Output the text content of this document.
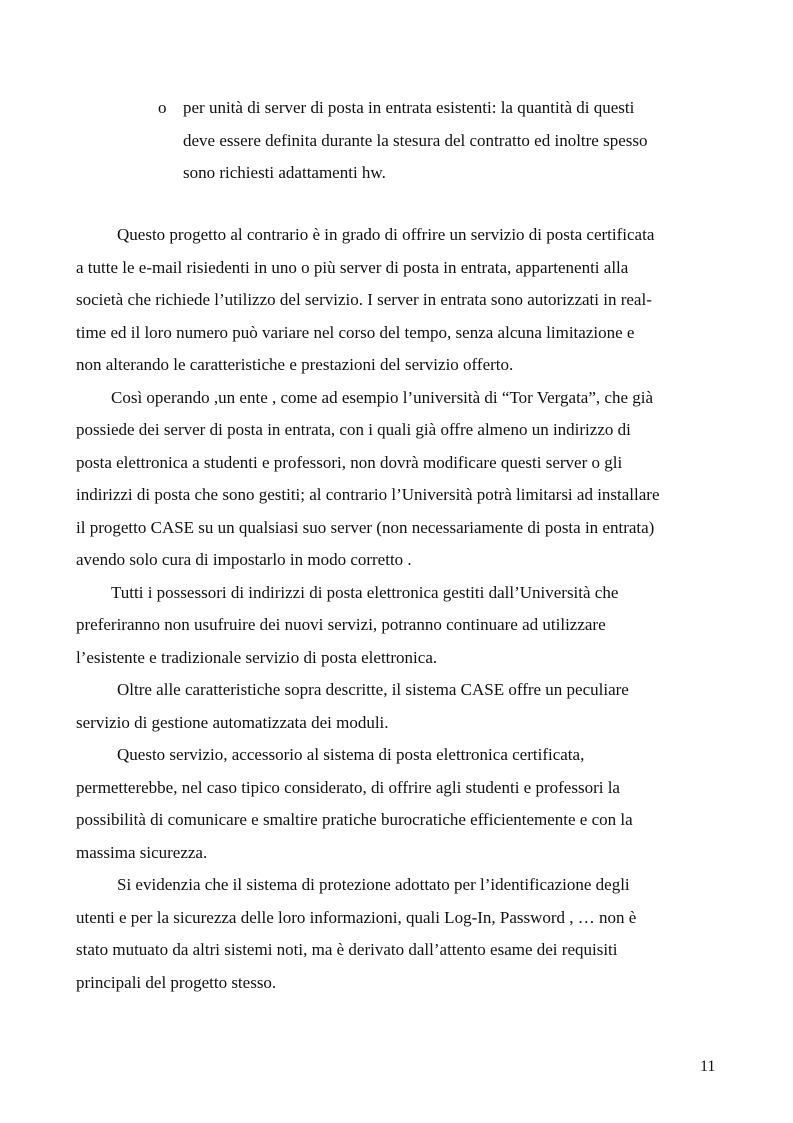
o per unità di server di posta in entrata esistenti: la quantità di questi
deve essere definita durante la stesura del contratto ed inoltre spesso
sono richiesti adattamenti hw.
Questo progetto al contrario è in grado di offrire un servizio di posta certificata
a tutte le e-mail risiedenti in uno o più server di posta in entrata, appartenenti alla
società che richiede l’utilizzo del servizio. I server in entrata sono autorizzati in real-
time ed il loro numero può variare nel corso del tempo, senza alcuna limitazione e
non alterando le caratteristiche e prestazioni del servizio offerto.
Così operando ,un ente , come ad esempio l’università di “Tor Vergata”, che già
possiede dei server di posta in entrata, con i quali già offre almeno un indirizzo di
posta elettronica a studenti e professori, non dovrà modificare questi server o gli
indirizzi di posta che sono gestiti; al contrario l’Università potrà limitarsi ad installare
il progetto CASE su un qualsiasi suo server (non necessariamente di posta in entrata)
avendo solo cura di impostarlo in modo corretto .
Tutti i possessori di indirizzi di posta elettronica gestiti dall’Università che
preferiranno non usufruire dei nuovi servizi, potranno continuare ad utilizzare
l’esistente e tradizionale servizio di posta elettronica.
Oltre alle caratteristiche sopra descritte, il sistema CASE offre un peculiare
servizio di gestione automatizzata dei moduli.
Questo servizio, accessorio al sistema di posta elettronica certificata,
permetterebbe, nel caso tipico considerato, di offrire agli studenti e professori la
possibilità di comunicare e smaltire pratiche burocratiche efficientemente e con la
massima sicurezza.
Si evidenzia che il sistema di protezione adottato per l’identificazione degli
utenti e per la sicurezza delle loro informazioni, quali Log-In, Password , … non è
stato mutuato da altri sistemi noti, ma è derivato dall’attento esame dei requisiti
principali del progetto stesso.
11
